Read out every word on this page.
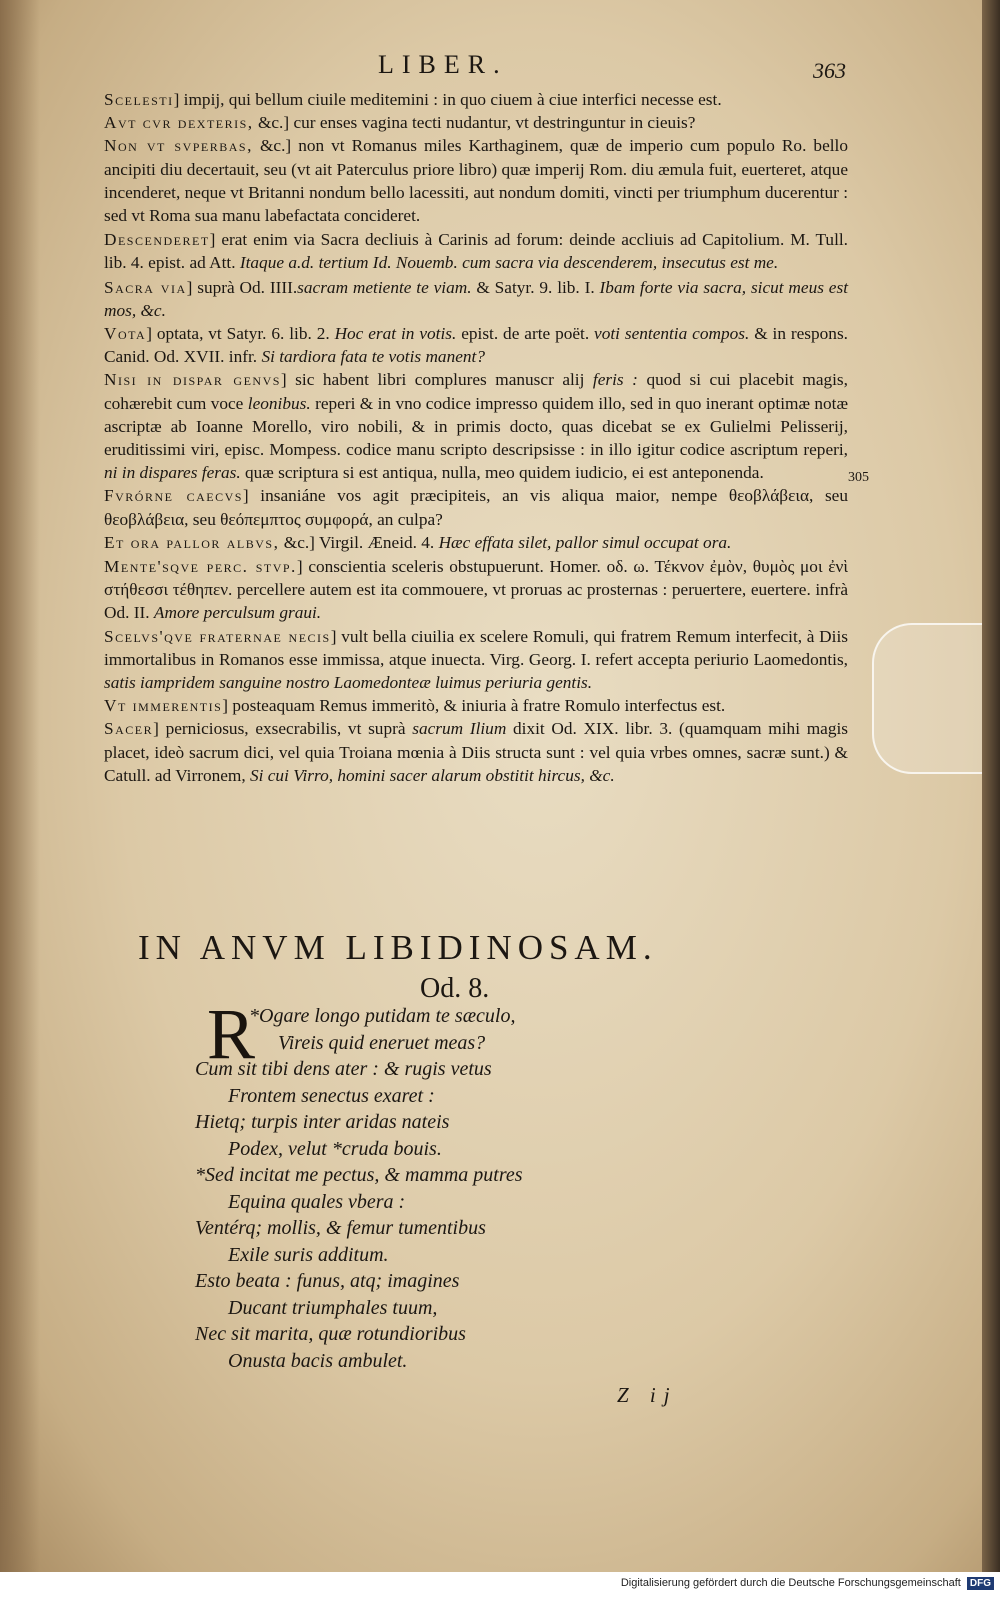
LIBER.	363
305

Scelesti] impij, qui bellum ciuile meditemini : in quo ciuem à ciue interfici necesse est.

Avt cvr dexteris, &c.] cur enses vagina tecti nudantur, vt destringuntur in cieuis?

Non vt svperbas, &c.] non vt Romanus miles Karthaginem, quæ de imperio cum populo Ro. bello ancipiti diu decertauit, seu (vt ait Paterculus priore libro) quæ imperij Rom. diu æmula fuit, euerteret, atque incenderet, neque vt Britanni nondum bello lacessiti, aut nondum domiti, vincti per triumphum ducerentur : sed vt Roma sua manu labefactata concideret.

Descenderet] erat enim via Sacra decliuis à Carinis ad forum: deinde accliuis ad Capitolium. M. Tull. lib. 4. epist. ad Att. Itaque a.d. tertium Id. Nouemb. cum sacra via descenderem, insecutus est me.

Sacra via] suprà Od. IIII.sacram metiente te viam. & Satyr. 9. lib. I. Ibam forte via sacra, sicut meus est mos, &c.

Vota] optata, vt Satyr. 6. lib. 2. Hoc erat in votis. epist. de arte poët. voti sententia compos. & in respons. Canid. Od. XVII. infr. Si tardiora fata te votis manent?

Nisi in dispar genvs] sic habent libri complures manuscr alij feris : quod si cui placebit magis, cohærebit cum voce leonibus. reperi & in vno codice impresso quidem illo, sed in quo inerant optimæ notæ ascriptæ ab Ioanne Morello, viro nobili, & in primis docto, quas dicebat se ex Gulielmi Pelisserij, eruditissimi viri, episc. Mompess. codice manu scripto descripsisse : in illo igitur codice ascriptum reperi, ni in dispares feras. quæ scriptura si est antiqua, nulla, meo quidem iudicio, ei est anteponenda.

Fvrórne caecvs] insaniáne vos agit præcipiteis, an vis aliqua maior, nempe θεοβλάβεια, seu θεοβλάβεια, seu θεόπεμπτος συμφορά, an culpa?

Et ora pallor albvs, &c.] Virgil. Æneid. 4. Hæc effata silet, pallor simul occupat ora.

Mente'sqve perc. stvp.] conscientia sceleris obstupuerunt. Homer. οδ. ω. Τέκνον ἐμὸν, θυμὸς μοι ἐνὶ στήθεσσι τέθηπεν. percellere autem est ita commouere, vt proruas ac prosternas : peruertere, euertere. infrà Od. II. Amore perculsum graui.

Scelvs'qve fraternae necis] vult bella ciuilia ex scelere Romuli, qui fratrem Remum interfecit, à Diis immortalibus in Romanos esse immissa, atque inuecta. Virg. Georg. I. refert accepta periurio Laomedontis, satis iampridem sanguine nostro Laomedonteæ luimus periuria gentis.

Vt immerentis] posteaquam Remus immeritò, & iniuria à fratre Romulo interfectus est.

Sacer] perniciosus, exsecrabilis, vt suprà sacrum Ilium dixit Od. XIX. libr. 3. (quamquam mihi magis placet, ideò sacrum dici, vel quia Troiana mœnia à Diis structa sunt : vel quia vrbes omnes, sacræ sunt.) & Catull. ad Virronem, Si cui Virro, homini sacer alarum obstitit hircus, &c.

IN ANVM LIBIDINOSAM.
Od. 8.
R
*Ogare longo putidam te sæculo,
Vireis quid eneruet meas?
Cum sit tibi dens ater : & rugis vetus
Frontem senectus exaret :
Hietq; turpis inter aridas nateis
Podex, velut *cruda bouis.
*Sed incitat me pectus, & mamma putres
Equina quales vbera :
Ventérq; mollis, & femur tumentibus
Exile suris additum.
Esto beata : funus, atq; imagines
Ducant triumphales tuum,
Nec sit marita, quæ rotundioribus
Onusta bacis ambulet.
Z ij
Digitalisierung gefördert durch die Deutsche Forschungsgemeinschaft DFG
